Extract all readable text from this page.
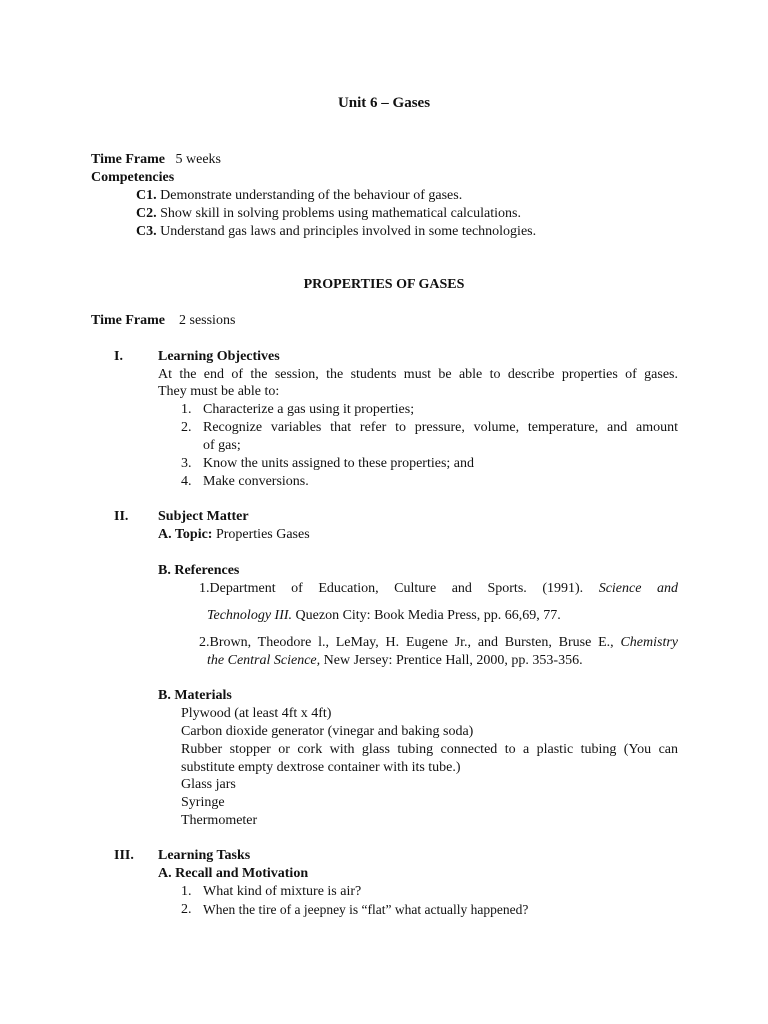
Unit 6 – Gases
Time Frame 5 weeks
Competencies
C1. Demonstrate understanding of the behaviour of gases.
C2. Show skill in solving problems using mathematical calculations.
C3. Understand gas laws and principles involved in some technologies.
PROPERTIES OF GASES
Time Frame 2 sessions
I.	Learning Objectives
At the end of the session, the students must be able to describe properties of gases.
They must be able to:
1. Characterize a gas using it properties;
2. Recognize variables that refer to pressure, volume, temperature, and amount
of gas;
3. Know the units assigned to these properties; and
4. Make conversions.
II. Subject Matter
A. Topic: Properties Gases
B. References
1.Department of Education, Culture and Sports. (1991). Science and
Technology III. Quezon City: Book Media Press, pp. 66,69, 77.
2.Brown, Theodore l., LeMay, H. Eugene Jr., and Bursten, Bruse E., Chemistry
the Central Science, New Jersey: Prentice Hall, 2000, pp. 353-356.
B. Materials
Plywood (at least 4ft x 4ft)
Carbon dioxide generator (vinegar and baking soda)
Rubber stopper or cork with glass tubing connected to a plastic tubing (You can
substitute empty dextrose container with its tube.)
Glass jars
Syringe
Thermometer
III. Learning Tasks
A. Recall and Motivation
1. What kind of mixture is air?
2. When the tire of a jeepney is “flat” what actually happened?
